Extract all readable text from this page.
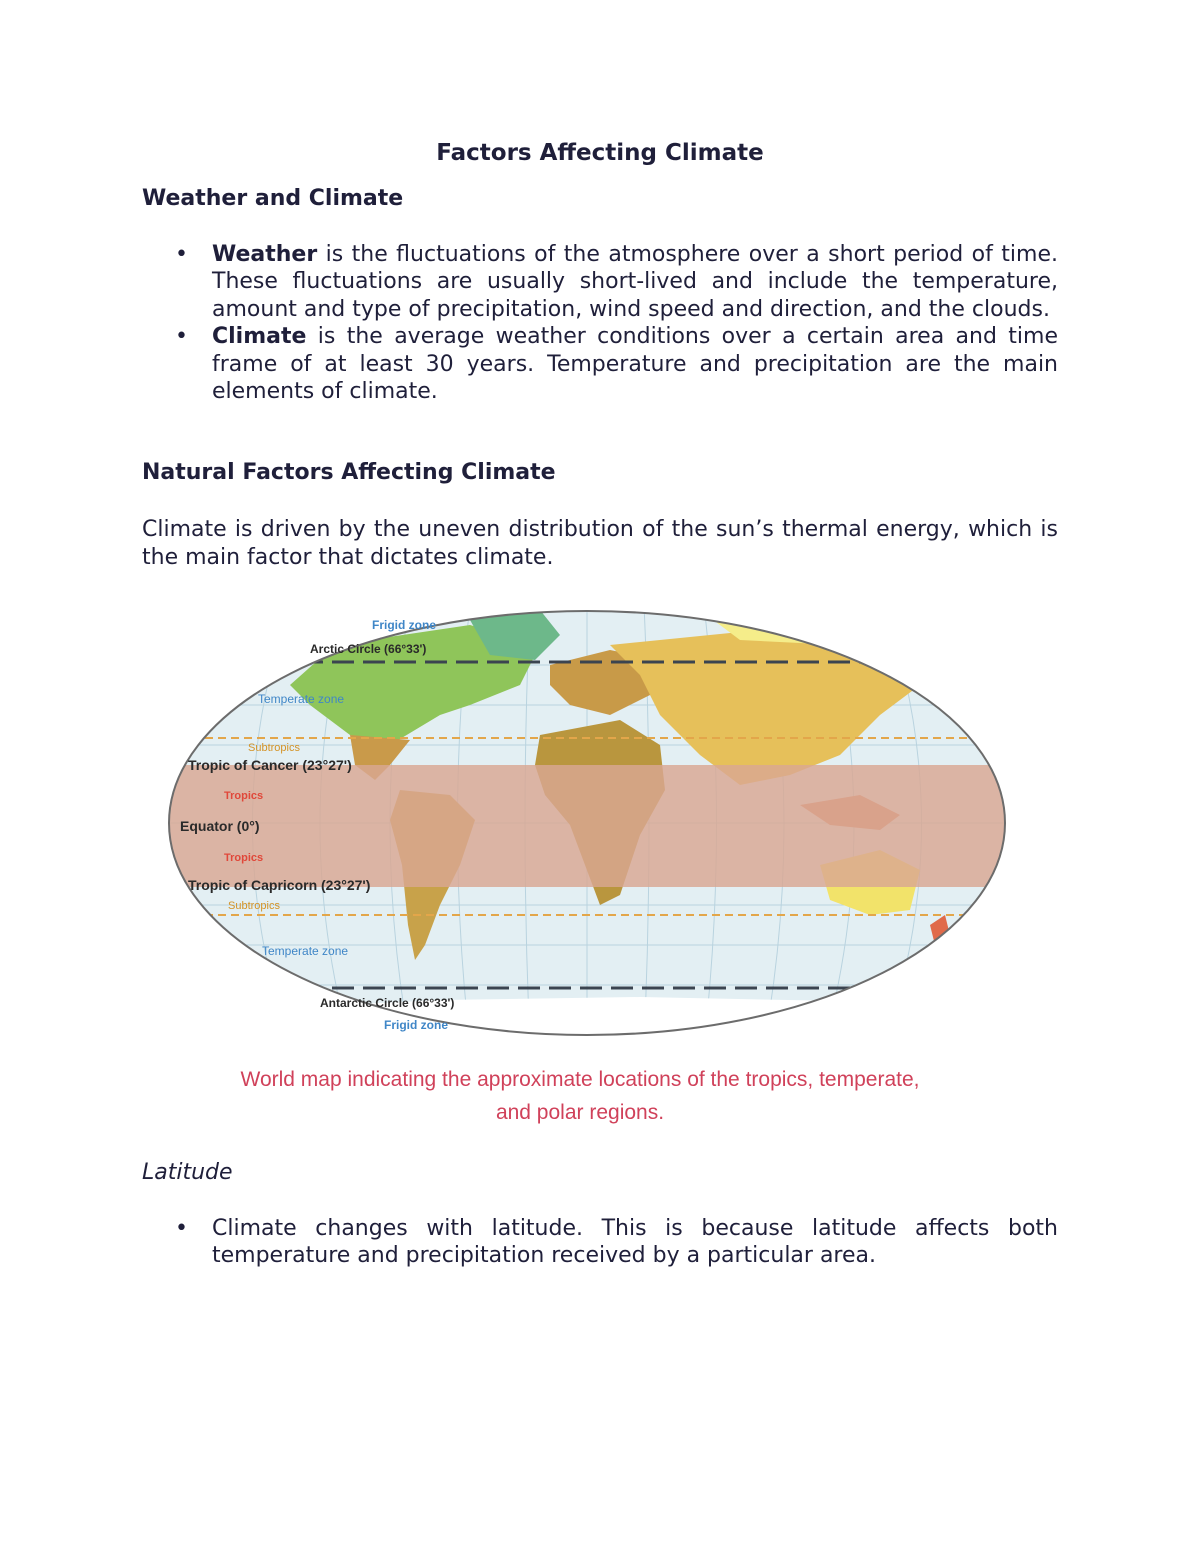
Factors Affecting Climate
Weather and Climate
• Weather is the fluctuations of the atmosphere over a short period of time. These fluctuations are usually short-lived and include the temperature, amount and type of precipitation, wind speed and direction, and the clouds.
• Climate is the average weather conditions over a certain area and time frame of at least 30 years. Temperature and precipitation are the main elements of climate.
Natural Factors Affecting Climate
Climate is driven by the uneven distribution of the sun’s thermal energy, which is the main factor that dictates climate.
Frigid zone
Arctic Circle (66°33')
Temperate zone
Subtropics
Tropic of Cancer (23°27')
Tropics
Equator (0°)
Tropics
Tropic of Capricorn (23°27')
Subtropics
Temperate zone
Antarctic Circle (66°33')
Frigid zone
World map indicating the approximate locations of the tropics, temperate,
and polar regions.
Latitude
• Climate changes with latitude. This is because latitude affects both temperature and precipitation received by a particular area.
